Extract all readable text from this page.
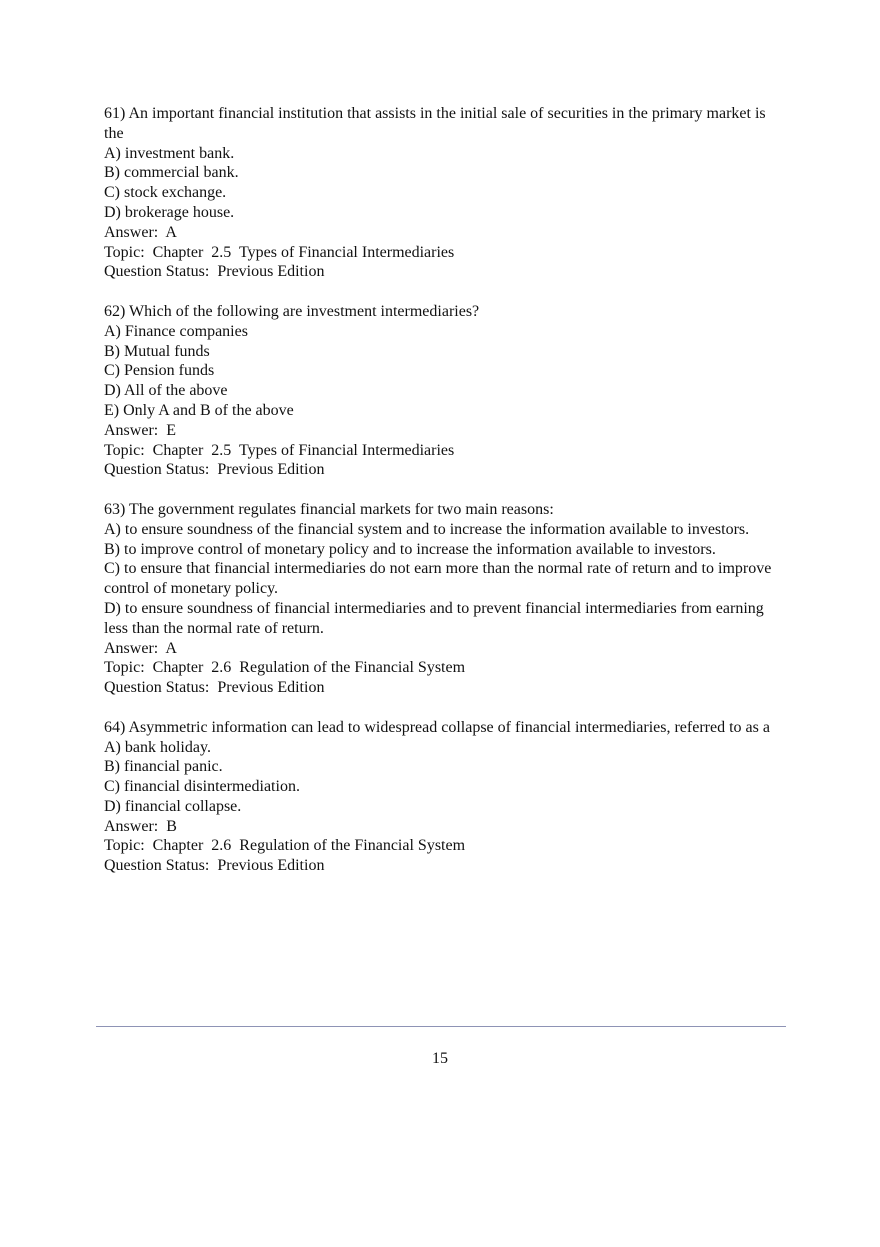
61) An important financial institution that assists in the initial sale of securities in the primary market is the
A) investment bank.
B) commercial bank.
C) stock exchange.
D) brokerage house.
Answer:  A
Topic:  Chapter  2.5  Types of Financial Intermediaries
Question Status:  Previous Edition
62) Which of the following are investment intermediaries?
A) Finance companies
B) Mutual funds
C) Pension funds
D) All of the above
E) Only A and B of the above
Answer:  E
Topic:  Chapter  2.5  Types of Financial Intermediaries
Question Status:  Previous Edition
63) The government regulates financial markets for two main reasons:
A) to ensure soundness of the financial system and to increase the information available to investors.
B) to improve control of monetary policy and to increase the information available to investors.
C) to ensure that financial intermediaries do not earn more than the normal rate of return and to improve control of monetary policy.
D) to ensure soundness of financial intermediaries and to prevent financial intermediaries from earning less than the normal rate of return.
Answer:  A
Topic:  Chapter  2.6  Regulation of the Financial System
Question Status:  Previous Edition
64) Asymmetric information can lead to widespread collapse of financial intermediaries, referred to as a
A) bank holiday.
B) financial panic.
C) financial disintermediation.
D) financial collapse.
Answer:  B
Topic:  Chapter  2.6  Regulation of the Financial System
Question Status:  Previous Edition
15
